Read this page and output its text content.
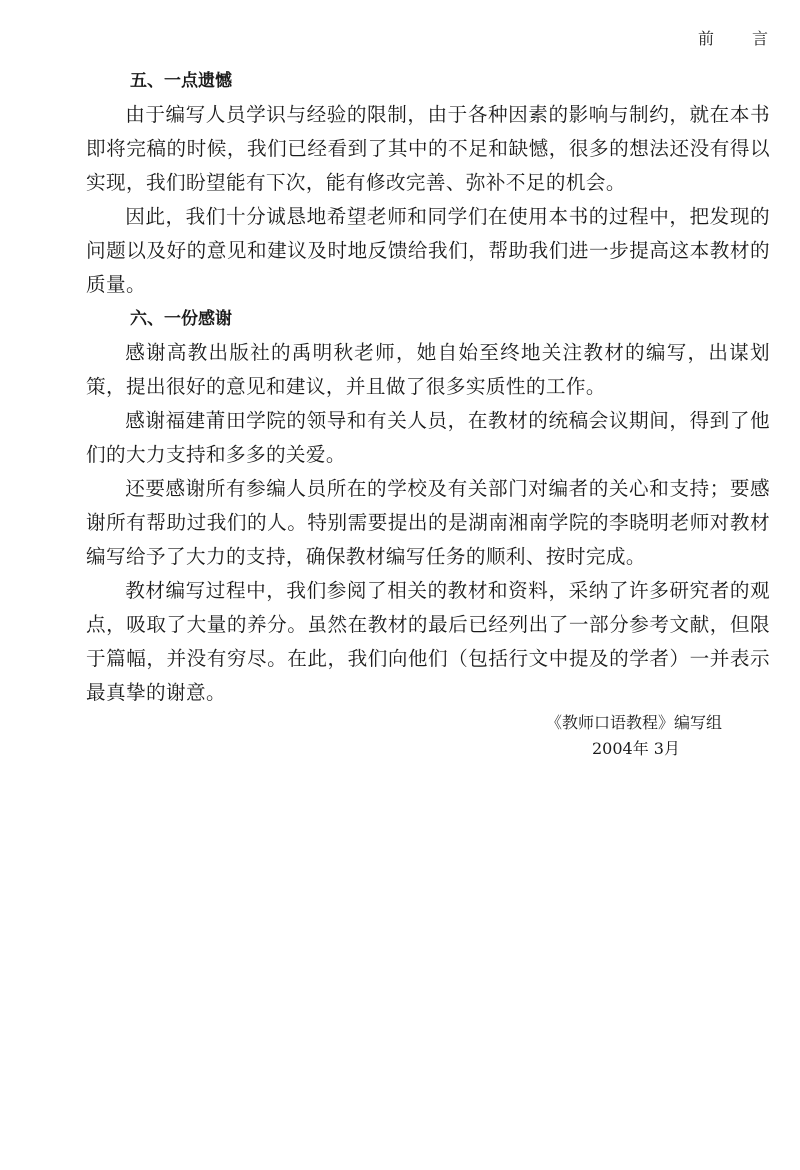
前 言
五、一点遗憾

由于编写人员学识与经验的限制，由于各种因素的影响与制约，就在本书即将完稿的时候，我们已经看到了其中的不足和缺憾，很多的想法还没有得以实现，我们盼望能有下次，能有修改完善、弥补不足的机会。

因此，我们十分诚恳地希望老师和同学们在使用本书的过程中，把发现的问题以及好的意见和建议及时地反馈给我们，帮助我们进一步提高这本教材的质量。

六、一份感谢

感谢高教出版社的禹明秋老师，她自始至终地关注教材的编写，出谋划策，提出很好的意见和建议，并且做了很多实质性的工作。

感谢福建莆田学院的领导和有关人员，在教材的统稿会议期间，得到了他们的大力支持和多多的关爱。

还要感谢所有参编人员所在的学校及有关部门对编者的关心和支持；要感谢所有帮助过我们的人。特别需要提出的是湖南湘南学院的李晓明老师对教材编写给予了大力的支持，确保教材编写任务的顺利、按时完成。

教材编写过程中，我们参阅了相关的教材和资料，采纳了许多研究者的观点，吸取了大量的养分。虽然在教材的最后已经列出了一部分参考文献，但限于篇幅，并没有穷尽。在此，我们向他们（包括行文中提及的学者）一并表示最真挚的谢意。

《教师口语教程》编写组
2004年 3月
